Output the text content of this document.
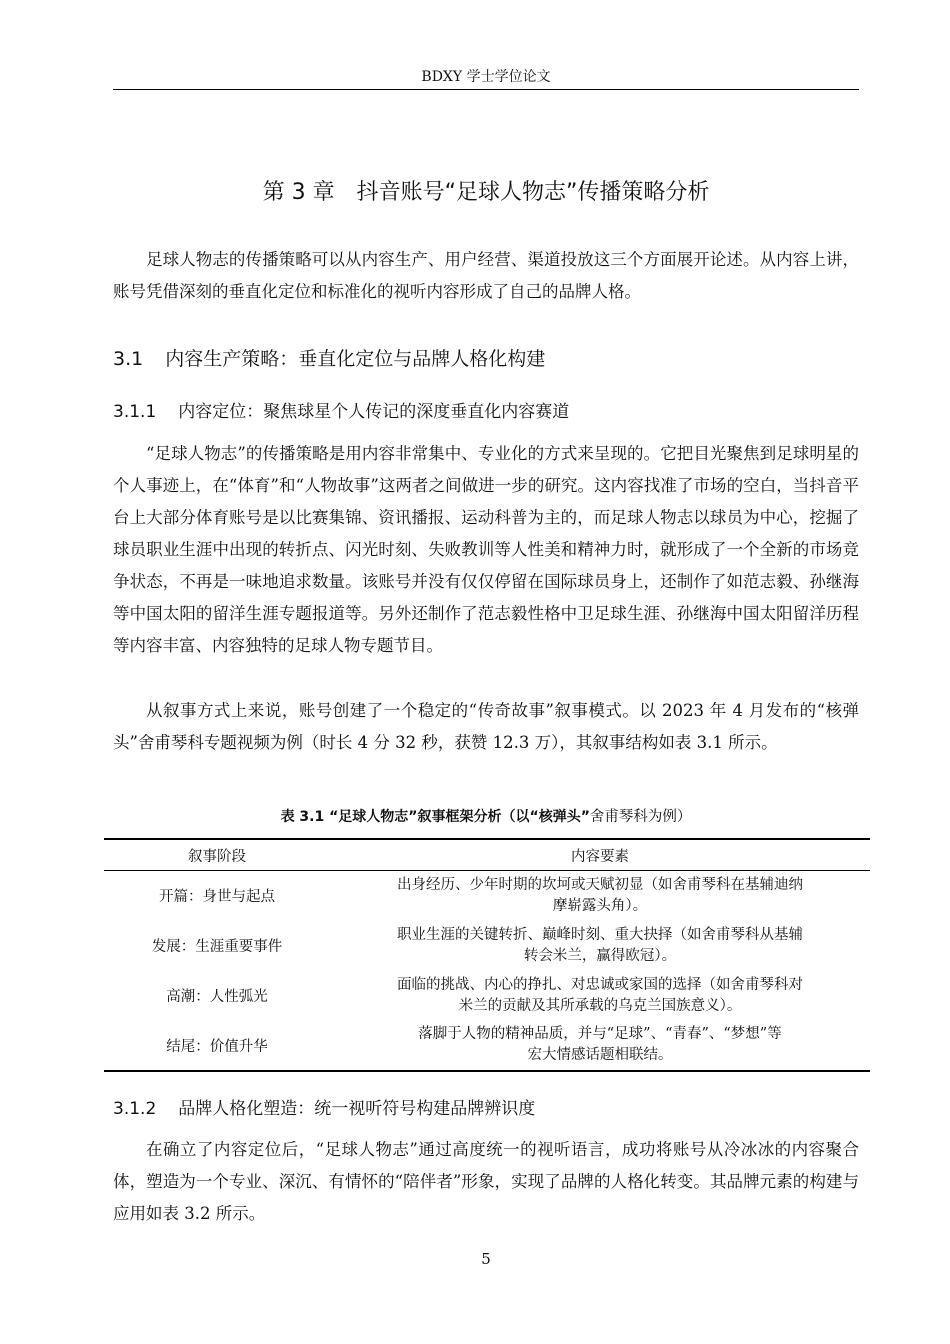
BDXY 学士学位论文
第 3 章　抖音账号“足球人物志”传播策略分析

足球人物志的传播策略可以从内容生产、用户经营、渠道投放这三个方面展开论述。从内容上讲，账号凭借深刻的垂直化定位和标准化的视听内容形成了自己的品牌人格。

3.1 内容生产策略：垂直化定位与品牌人格化构建
3.1.1 内容定位：聚焦球星个人传记的深度垂直化内容赛道

“足球人物志”的传播策略是用内容非常集中、专业化的方式来呈现的。它把目光聚焦到足球明星的个人事迹上，在“体育”和“人物故事”这两者之间做进一步的研究。这内容找准了市场的空白，当抖音平台上大部分体育账号是以比赛集锦、资讯播报、运动科普为主的，而足球人物志以球员为中心，挖掘了球员职业生涯中出现的转折点、闪光时刻、失败教训等人性美和精神力时，就形成了一个全新的市场竞争状态，不再是一味地追求数量。该账号并没有仅仅停留在国际球员身上，还制作了如范志毅、孙继海等中国太阳的留洋生涯专题报道等。另外还制作了范志毅性格中卫足球生涯、孙继海中国太阳留洋历程等内容丰富、内容独特的足球人物专题节目。

从叙事方式上来说，账号创建了一个稳定的“传奇故事”叙事模式。以 2023 年 4 月发布的“核弹头”舍甫琴科专题视频为例（时长 4 分 32 秒，获赞 12.3 万），其叙事结构如表 3.1 所示。

表 3.1 “足球人物志”叙事框架分析（以“核弹头”舍甫琴科为例）
叙事阶段	内容要素
开篇：身世与起点	出身经历、少年时期的坎坷或天赋初显（如舍甫琴科在基辅迪纳
摩崭露头角）。
发展：生涯重要事件	职业生涯的关键转折、巅峰时刻、重大抉择（如舍甫琴科从基辅
转会米兰，赢得欧冠）。
高潮：人性弧光	面临的挑战、内心的挣扎、对忠诚或家国的选择（如舍甫琴科对
米兰的贡献及其所承载的乌克兰国族意义）。
结尾：价值升华	落脚于人物的精神品质，并与“足球”、“青春”、“梦想”等
宏大情感话题相联结。
3.1.2 品牌人格化塑造：统一视听符号构建品牌辨识度

在确立了内容定位后，“足球人物志”通过高度统一的视听语言，成功将账号从冷冰冰的内容聚合体，塑造为一个专业、深沉、有情怀的“陪伴者”形象，实现了品牌的人格化转变。其品牌元素的构建与应用如表 3.2 所示。

5
